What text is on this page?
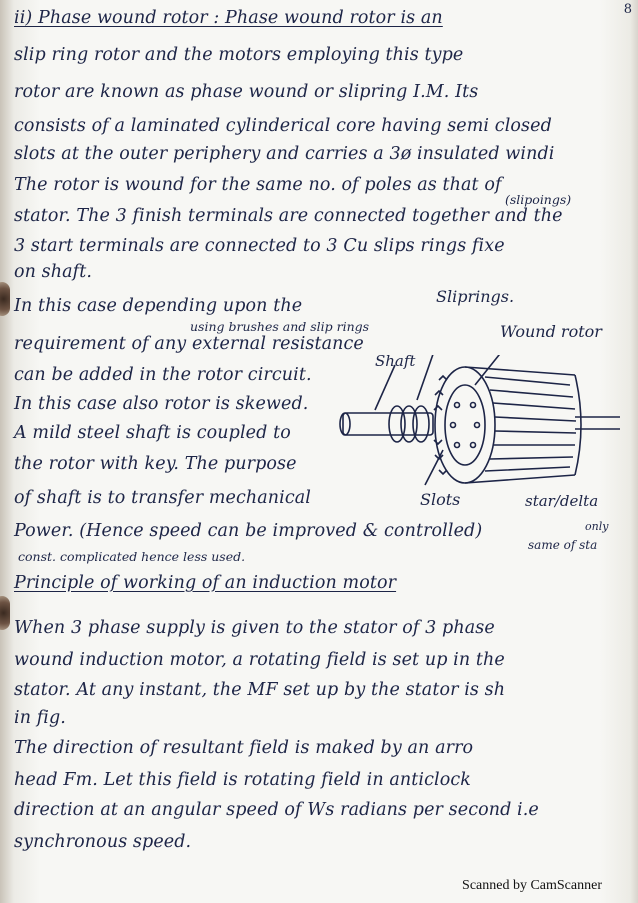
8
ii) Phase wound rotor : Phase wound rotor is an
slip ring rotor and the motors employing this type
rotor are known as phase wound or slipring I.M. Its
consists of a laminated cylinderical core having semi closed
slots at the outer periphery and carries a 3ø insulated windi
The rotor is wound for the same no. of poles as that of
(slipoings)
stator. The 3 finish terminals are connected together and the
3 start terminals are connected to 3 Cu slips rings fixe
on shaft.
In this case depending upon the
using brushes and slip rings
requirement of any external resistance
can be added in the rotor circuit.
In this case also rotor is skewed.
A mild steel shaft is coupled to
the rotor with key. The purpose
of shaft is to transfer mechanical
Power. (Hence speed can be improved & controlled)
const. complicated hence less used.
Principle of working of an induction motor
When 3 phase supply is given to the stator of 3 phase
wound induction motor, a rotating field is set up in the
stator. At any instant, the MF set up by the stator is sh
in fig.
The direction of resultant field is maked by an arro
head Fm. Let this field is rotating field in anticlock
direction at an angular speed of Ws radians per second i.e
synchronous speed.
Sliprings.
Wound rotor
Shaft
Slots	star/delta
only
same of sta
Scanned by CamScanner
